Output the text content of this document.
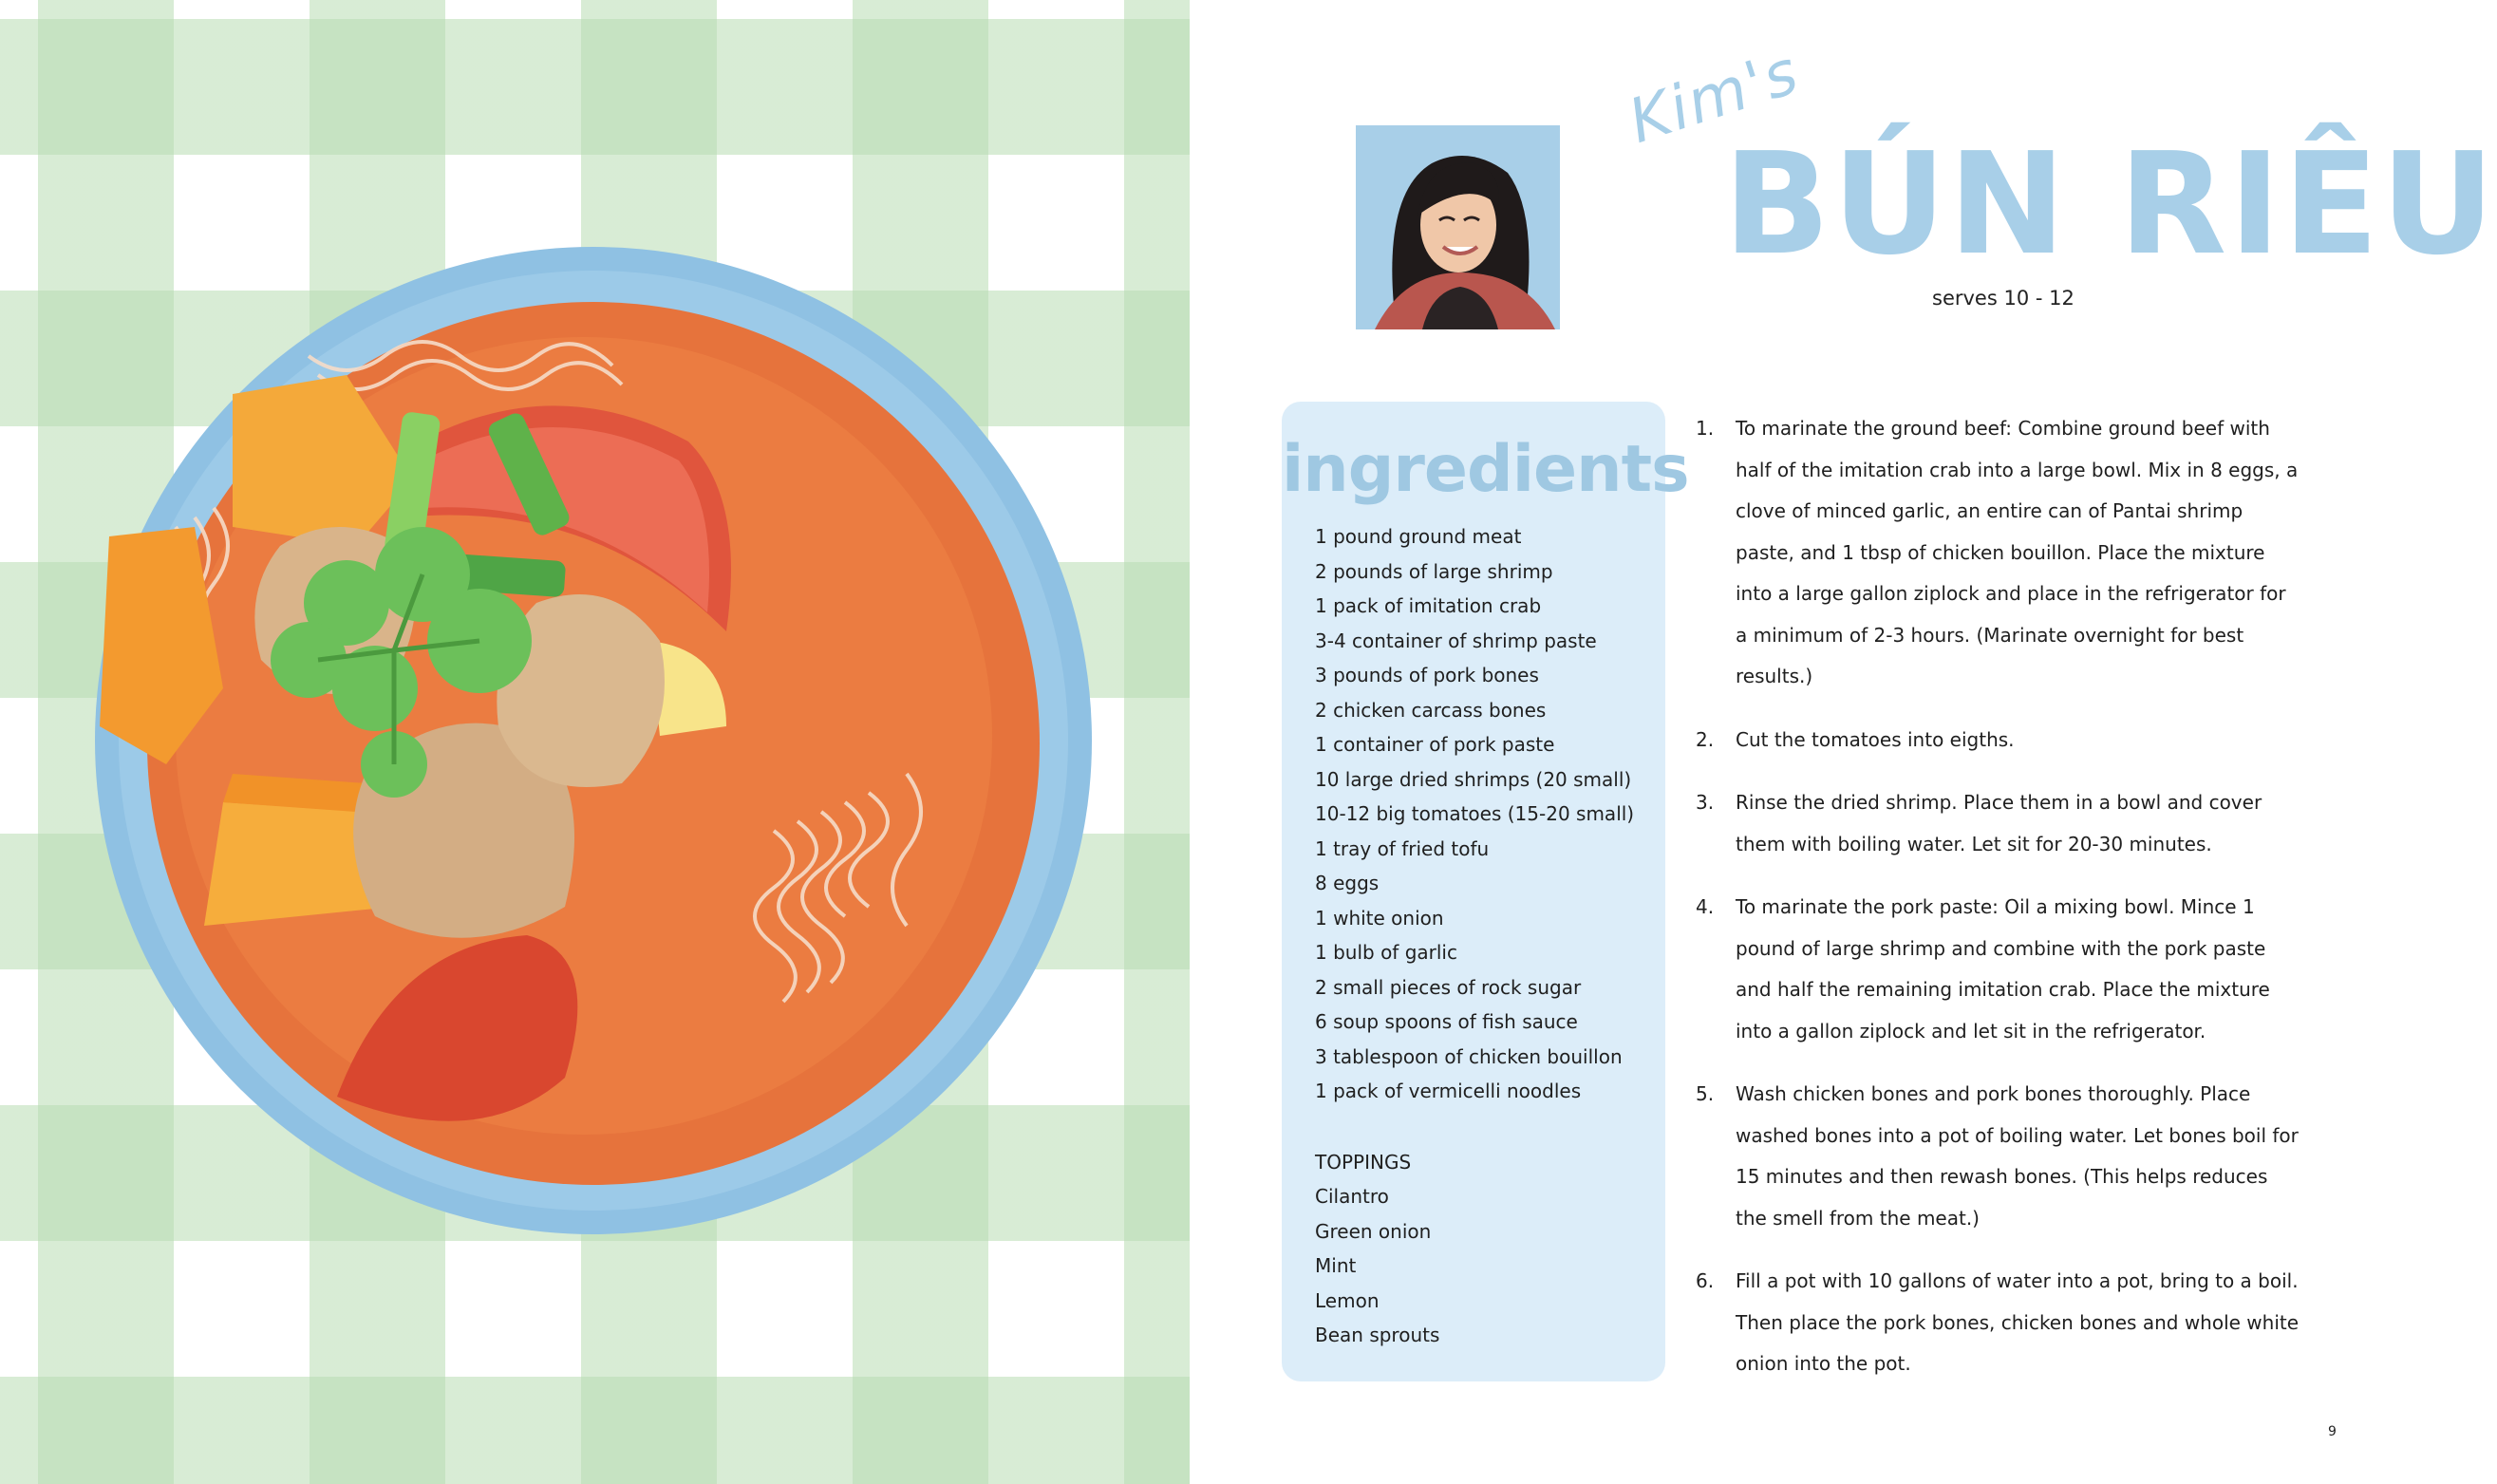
Kim's
BÚN RIÊU
serves 10 - 12
ingredients
1 pound ground meat
2 pounds of large shrimp
1 pack of imitation crab
3-4 container of shrimp paste
3 pounds of pork bones
2 chicken carcass bones
1 container of pork paste
10 large dried shrimps (20 small)
10-12 big tomatoes (15-20 small)
1 tray of fried tofu
8 eggs
1 white onion
1 bulb of garlic
2 small pieces of rock sugar
6 soup spoons of fish sauce
3 tablespoon of chicken bouillon
1 pack of vermicelli noodles
TOPPINGS
Cilantro
Green onion
Mint
Lemon
Bean sprouts
1. To marinate the ground beef: Combine ground beef with half of the imitation crab into a large bowl. Mix in 8 eggs, a clove of minced garlic, an entire can of Pantai shrimp paste, and 1 tbsp of chicken bouillon. Place the mixture into a large gallon ziplock and place in the refrigerator for a minimum of 2-3 hours. (Marinate overnight for best results.)
2. Cut the tomatoes into eigths.
3. Rinse the dried shrimp. Place them in a bowl and cover them with boiling water. Let sit for 20-30 minutes.
4. To marinate the pork paste: Oil a mixing bowl. Mince 1 pound of large shrimp and combine with the pork paste and half the remaining imitation crab. Place the mixture into a gallon ziplock and let sit in the refrigerator.
5. Wash chicken bones and pork bones thoroughly. Place washed bones into a pot of boiling water. Let bones boil for 15 minutes and then rewash bones. (This helps reduces the smell from the meat.)
6. Fill a pot with 10 gallons of water into a pot, bring to a boil. Then place the pork bones, chicken bones and whole white onion into the pot.
9
